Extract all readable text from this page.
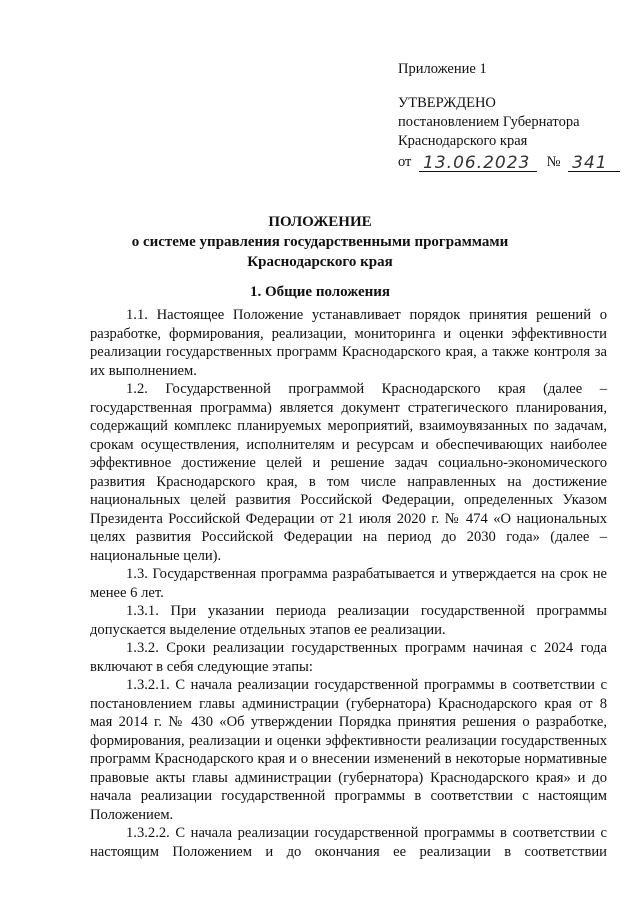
Приложение 1
УТВЕРЖДЕНО
постановлением Губернатора
Краснодарского края
от 13.06.2023 № 341
ПОЛОЖЕНИЕ
о системе управления государственными программами
Краснодарского края
1. Общие положения

1.1. Настоящее Положение устанавливает порядок принятия решений о разработке, формирования, реализации, мониторинга и оценки эффективности реализации государственных программ Краснодарского края, а также контроля за их выполнением.

1.2. Государственной программой Краснодарского края (далее – государственная программа) является документ стратегического планирования, содержащий комплекс планируемых мероприятий, взаимоувязанных по задачам, срокам осуществления, исполнителям и ресурсам и обеспечивающих наиболее эффективное достижение целей и решение задач социально-экономического развития Краснодарского края, в том числе направленных на достижение национальных целей развития Российской Федерации, определенных Указом Президента Российской Федерации от 21 июля 2020 г. № 474 «О национальных целях развития Российской Федерации на период до 2030 года» (далее – национальные цели).

1.3. Государственная программа разрабатывается и утверждается на срок не менее 6 лет.

1.3.1. При указании периода реализации государственной программы допускается выделение отдельных этапов ее реализации.

1.3.2. Сроки реализации государственных программ начиная с 2024 года включают в себя следующие этапы:

1.3.2.1. С начала реализации государственной программы в соответствии с постановлением главы администрации (губернатора) Краснодарского края от 8 мая 2014 г. № 430 «Об утверждении Порядка принятия решения о разработке, формирования, реализации и оценки эффективности реализации государственных программ Краснодарского края и о внесении изменений в некоторые нормативные правовые акты главы администрации (губернатора) Краснодарского края» и до начала реализации государственной программы в соответствии с настоящим Положением.

1.3.2.2. С начала реализации государственной программы в соответствии с настоящим Положением и до окончания ее реализации в соответствии
